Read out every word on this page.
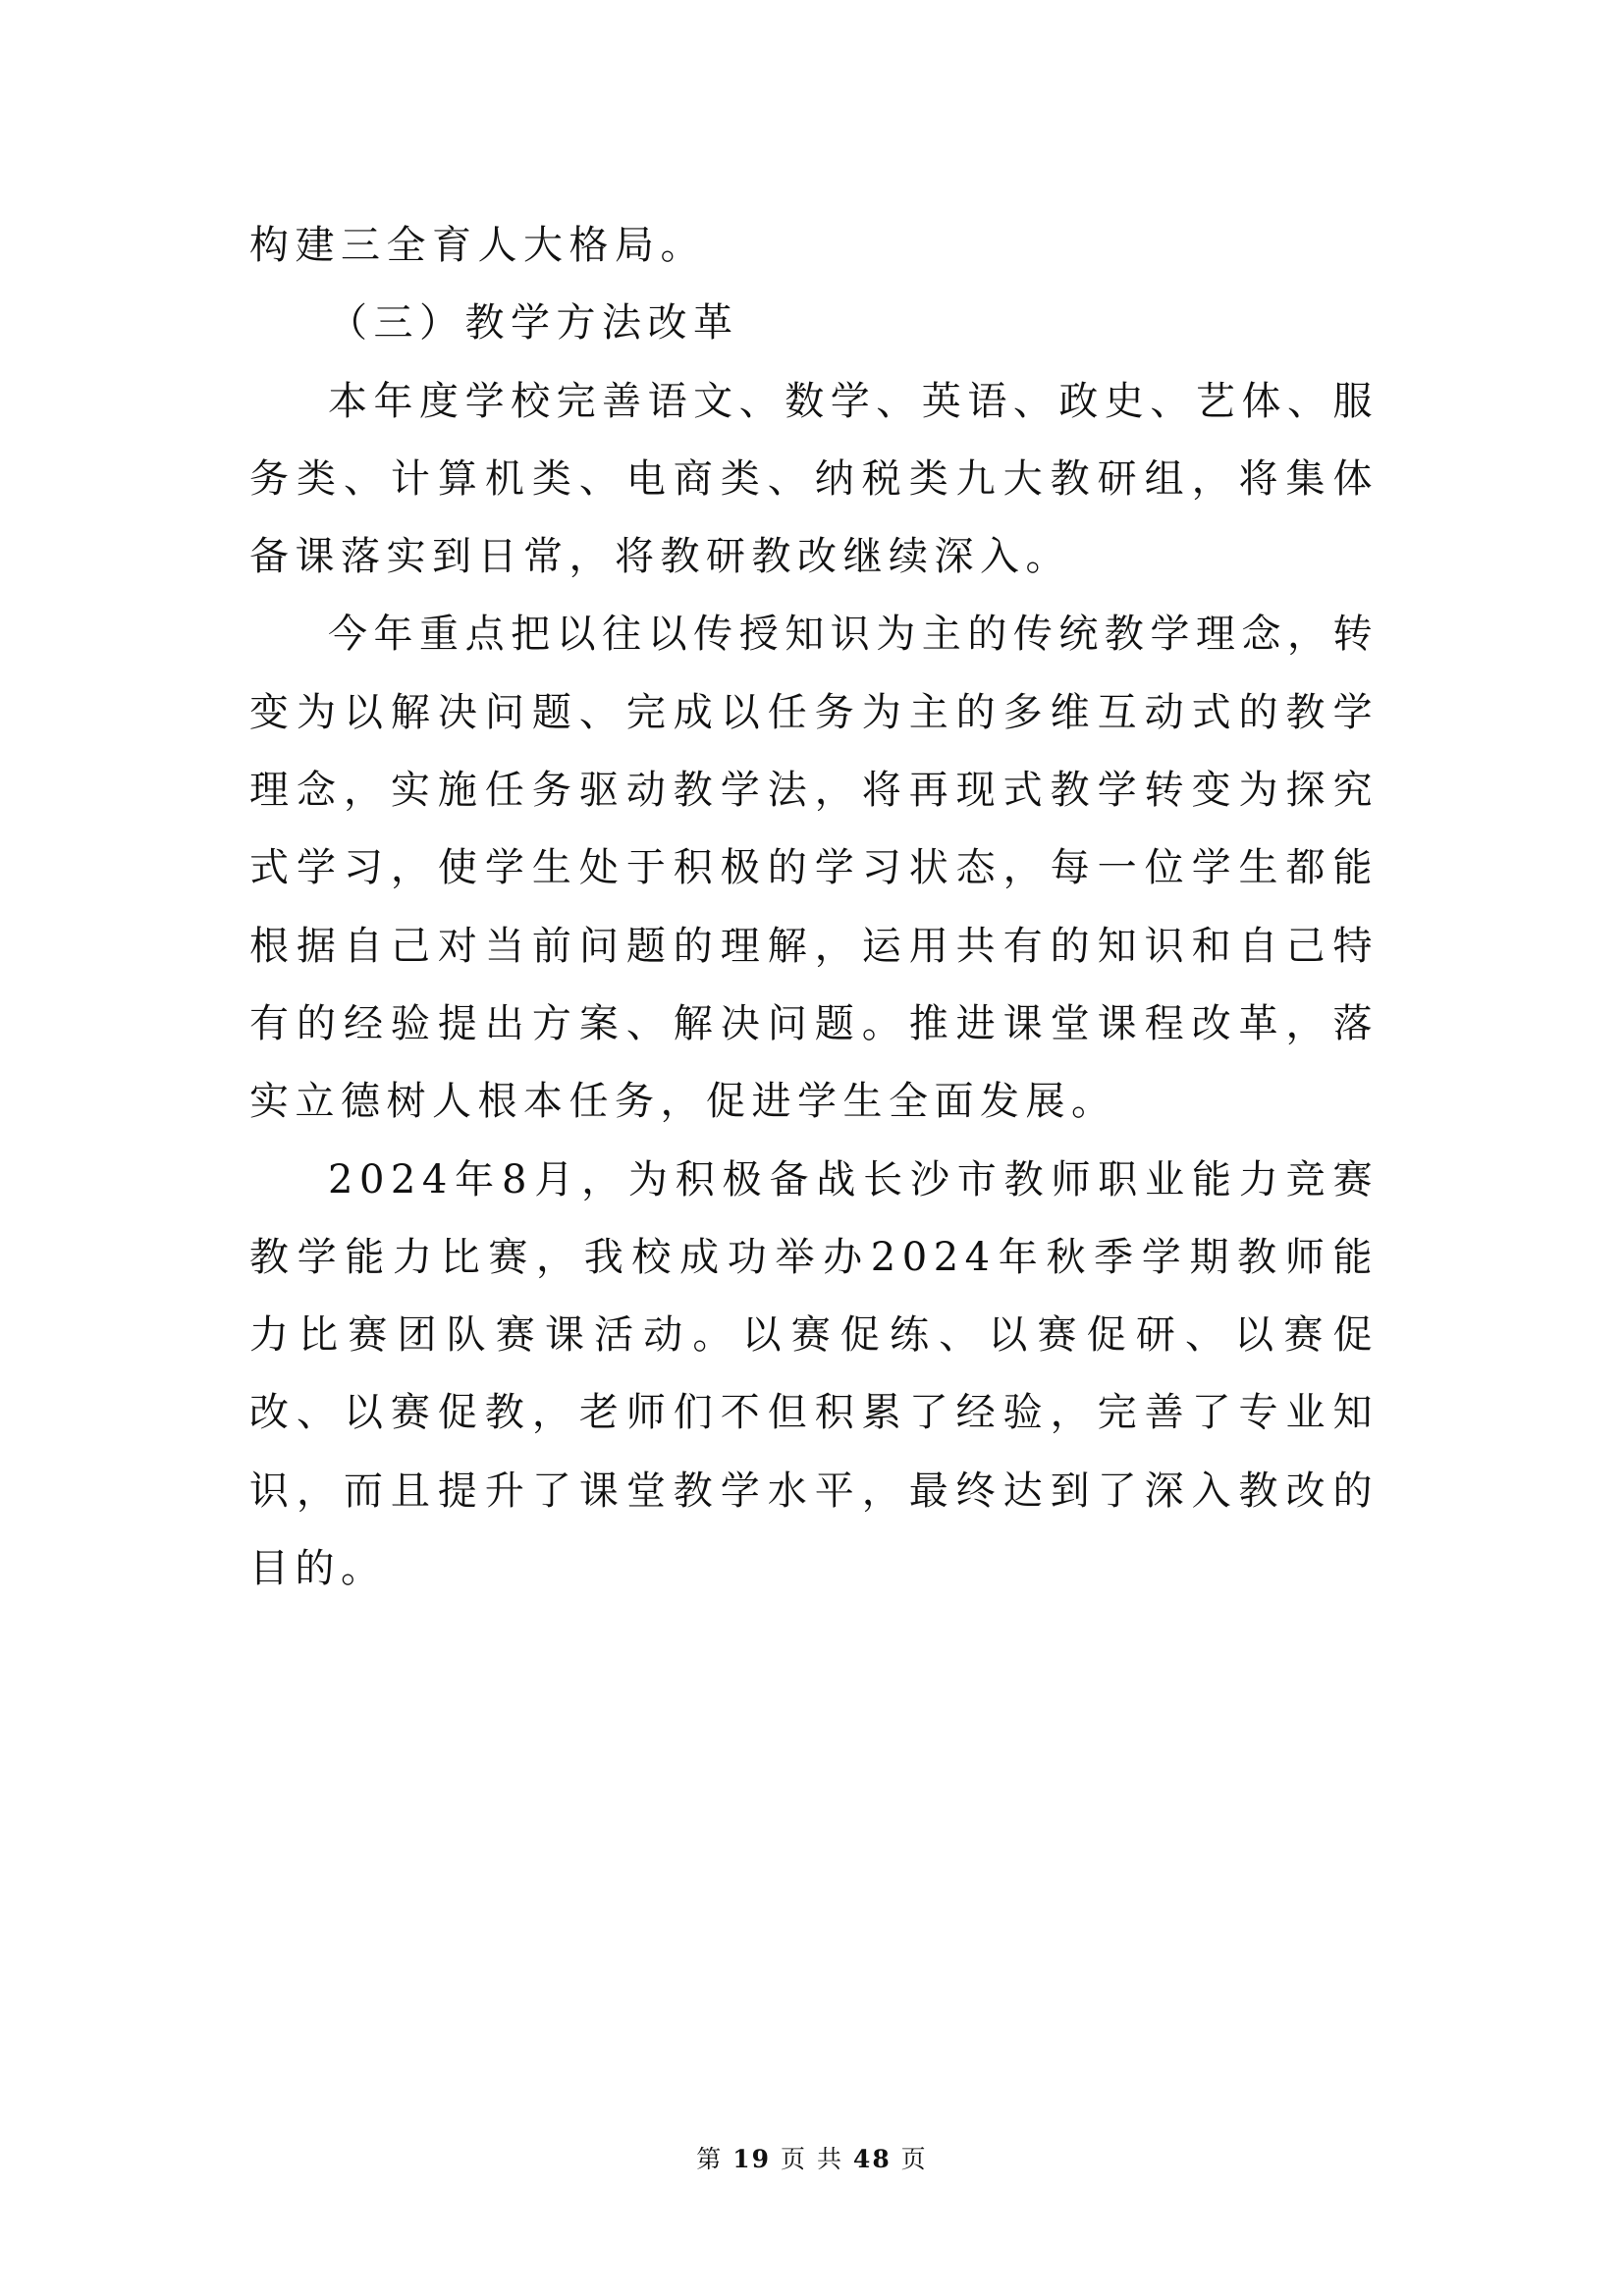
构建三全育人大格局。

（三）教学方法改革

本年度学校完善语文、数学、英语、政史、艺体、服务类、计算机类、电商类、纳税类九大教研组，将集体备课落实到日常，将教研教改继续深入。

今年重点把以往以传授知识为主的传统教学理念，转变为以解决问题、完成以任务为主的多维互动式的教学理念，实施任务驱动教学法，将再现式教学转变为探究式学习，使学生处于积极的学习状态，每一位学生都能根据自己对当前问题的理解，运用共有的知识和自己特有的经验提出方案、解决问题。推进课堂课程改革，落实立德树人根本任务，促进学生全面发展。

2024年8月，为积极备战长沙市教师职业能力竞赛教学能力比赛，我校成功举办2024年秋季学期教师能力比赛团队赛课活动。以赛促练、以赛促研、以赛促改、以赛促教，老师们不但积累了经验，完善了专业知识，而且提升了课堂教学水平，最终达到了深入教改的目的。

第 19 页 共 48 页
